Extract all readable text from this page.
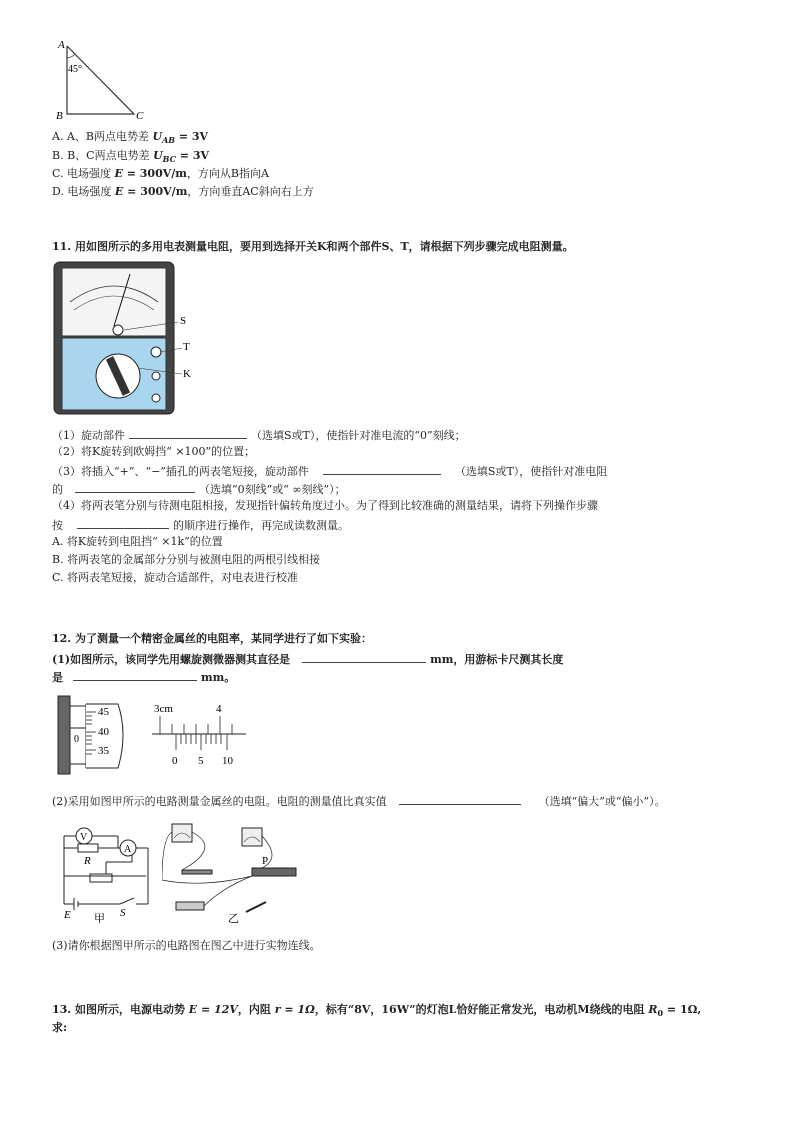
A
45°
B	C
A. A、B两点电势差 $U_{AB} = 3V$
B. B、C两点电势差 $U_{BC} = 3V$
C. 电场强度 E = 300V/m，方向从B指向A
D. 电场强度 E = 300V/m，方向垂直AC斜向右上方
11. 用如图所示的多用电表测量电阻，要用到选择开关K和两个部件S、T，请根据下列步骤完成电阻测量。
S
T
K
（1）旋动部件	（选填S或T），使指针对准电流的“0”刻线；
（2）将K旋转到欧姆挡“ ×100”的位置；
（3）将插入“+”、“−”插孔的两表笔短接，旋动部件	（选填S或T），使指针对准电阻
的	（选填“0刻线”或“ ∞刻线”）；
（4）将两表笔分别与待测电阻相接，发现指针偏转角度过小。为了得到比较准确的测量结果，请将下列操作步骤
按	的顺序进行操作，再完成读数测量。
A. 将K旋转到电阻挡“ ×1k”的位置
B. 将两表笔的金属部分分别与被测电阻的两根引线相接
C. 将两表笔短接，旋动合适部件，对电表进行校准
12. 为了测量一个精密金属丝的电阻率，某同学进行了如下实验：
(1)如图所示，该同学先用螺旋测微器测其直径是	mm，用游标卡尺测其长度
是	mm。
45
40
35
0
3cm	4
0 5 10
(2)采用如图甲所示的电路测量金属丝的电阻。电阻的测量值比真实值	（选填“偏大”或“偏小”）。
V
A
R
E	S
甲
P
乙
(3)请你根据图甲所示的电路图在图乙中进行实物连线。
13. 如图所示，电源电动势 E = 12V，内阻 r = 1Ω，标有“8V，16W”的灯泡L恰好能正常发光，电动机M绕线的电阻 $R_0 = 1\Omega$,
求:
